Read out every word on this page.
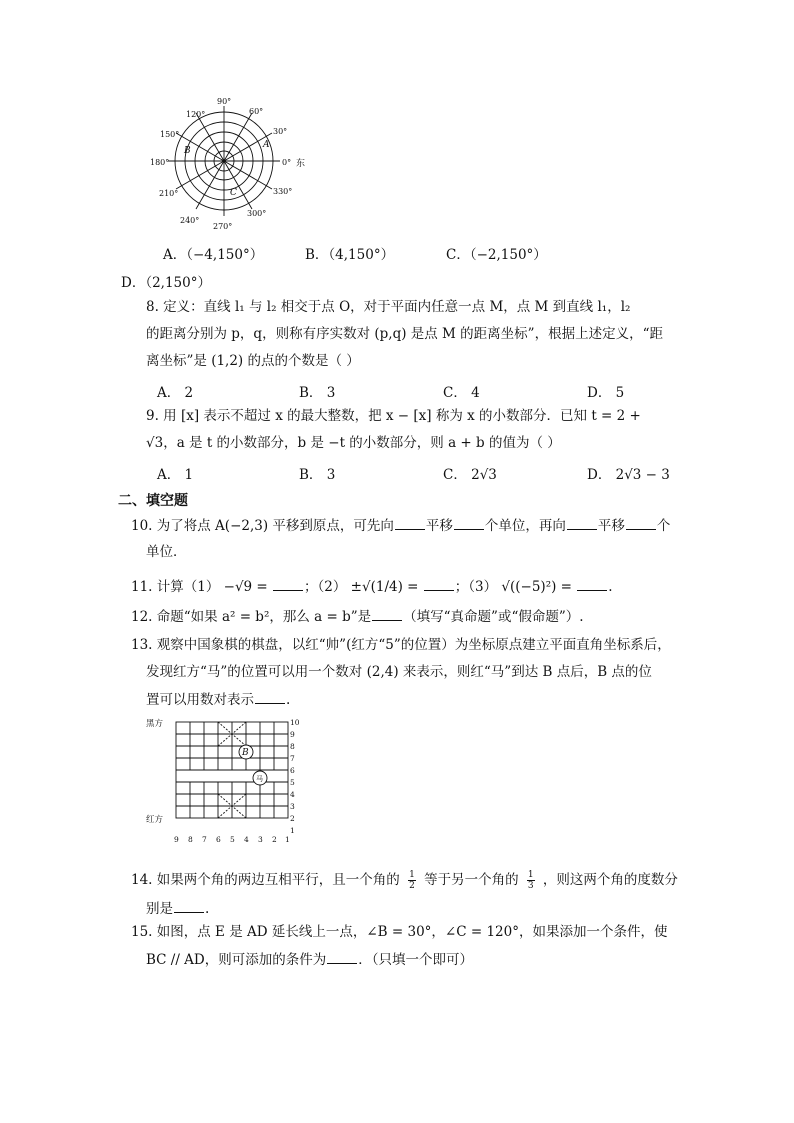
90°
60°
120°
30°
150°
180°	0° 东
210°	330°
240°
300°
270°
A
B
C
A．（−4,150°）	B．（4,150°）	C．（−2,150°）
D．（2,150°）
8. 定义：直线 l₁ 与 l₂ 相交于点 O，对于平面内任意一点 M，点 M 到直线 l₁，l₂
的距离分别为 p，q，则称有序实数对 (p,q) 是点 M 的距离坐标”，根据上述定义，“距
离坐标”是 (1,2) 的点的个数是（ ）
A． 2	B． 3	C． 4	D． 5
9. 用 [x] 表示不超过 x 的最大整数，把 x − [x] 称为 x 的小数部分．已知 t = 2 +
√3，a 是 t 的小数部分，b 是 −t 的小数部分，则 a + b 的值为（ ）
A． 1	B． 3	C． 2√3	D． 2√3 − 3
二、填空题
10. 为了将点 A(−2,3) 平移到原点，可先向 平移 个单位，再向 平移 个
单位．
11. 计算（1） −√9 =	；（2） ±√(1/4) =	；（3） √((−5)²) =	.
12. 命题“如果 a² = b²，那么 a = b”是 （填写“真命题”或“假命题”）.
13. 观察中国象棋的棋盘，以红“帅”(红方“5”的位置）为坐标原点建立平面直角坐标系后，
发现红方“马”的位置可以用一个数对 (2,4) 来表示，则红“马”到达 B 点后，B 点的位
置可以用数对表示 .
黑方
红方
B
马
10
9
8
7
6
5
4
3
2
1
9 8 7 6 5 4 3 2 1
14. 如果两个角的两边互相平行，且一个角的 $\frac{1}{2}$ 等于另一个角的 $\frac{1}{3}$ ，则这两个角的度数分
别是 .
15. 如图，点 E 是 AD 延长线上一点，∠B = 30°，∠C = 120°，如果添加一个条件，使
BC // AD，则可添加的条件为 ．（只填一个即可）
